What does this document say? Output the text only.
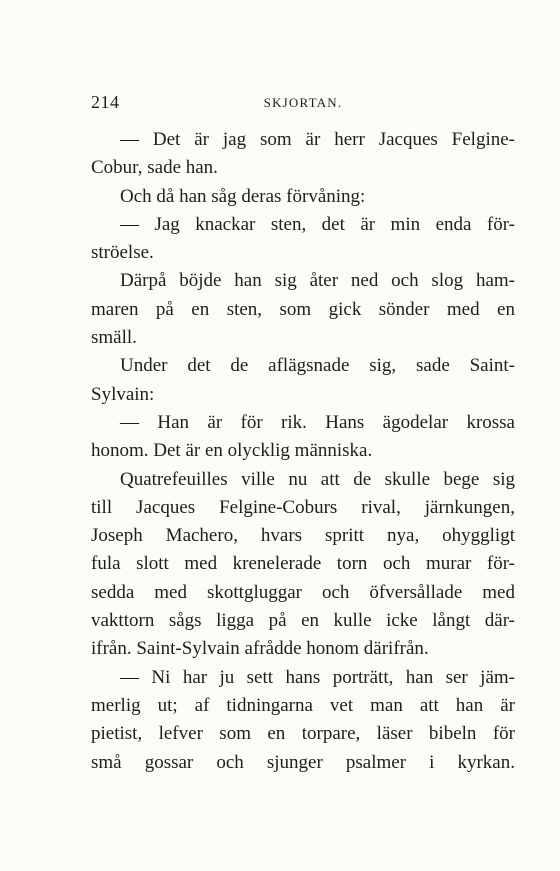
214	SKJORTAN.
— Det är jag som är herr Jacques Felgine-
Cobur, sade han.
Och då han såg deras förvåning:
— Jag knackar sten, det är min enda för-
ströelse.
Därpå böjde han sig åter ned och slog ham-
maren på en sten, som gick sönder med en
smäll.
Under det de aflägsnade sig, sade Saint-
Sylvain:
— Han är för rik. Hans ägodelar krossa
honom. Det är en olycklig människa.
Quatrefeuilles ville nu att de skulle bege sig
till Jacques Felgine-Coburs rival, järnkungen,
Joseph Machero, hvars spritt nya, ohyggligt
fula slott med krenelerade torn och murar för-
sedda med skottgluggar och öfversållade med
vakttorn sågs ligga på en kulle icke långt där-
ifrån. Saint-Sylvain afrådde honom därifrån.
— Ni har ju sett hans porträtt, han ser jäm-
merlig ut; af tidningarna vet man att han är
pietist, lefver som en torpare, läser bibeln för
små gossar och sjunger psalmer i kyrkan.
